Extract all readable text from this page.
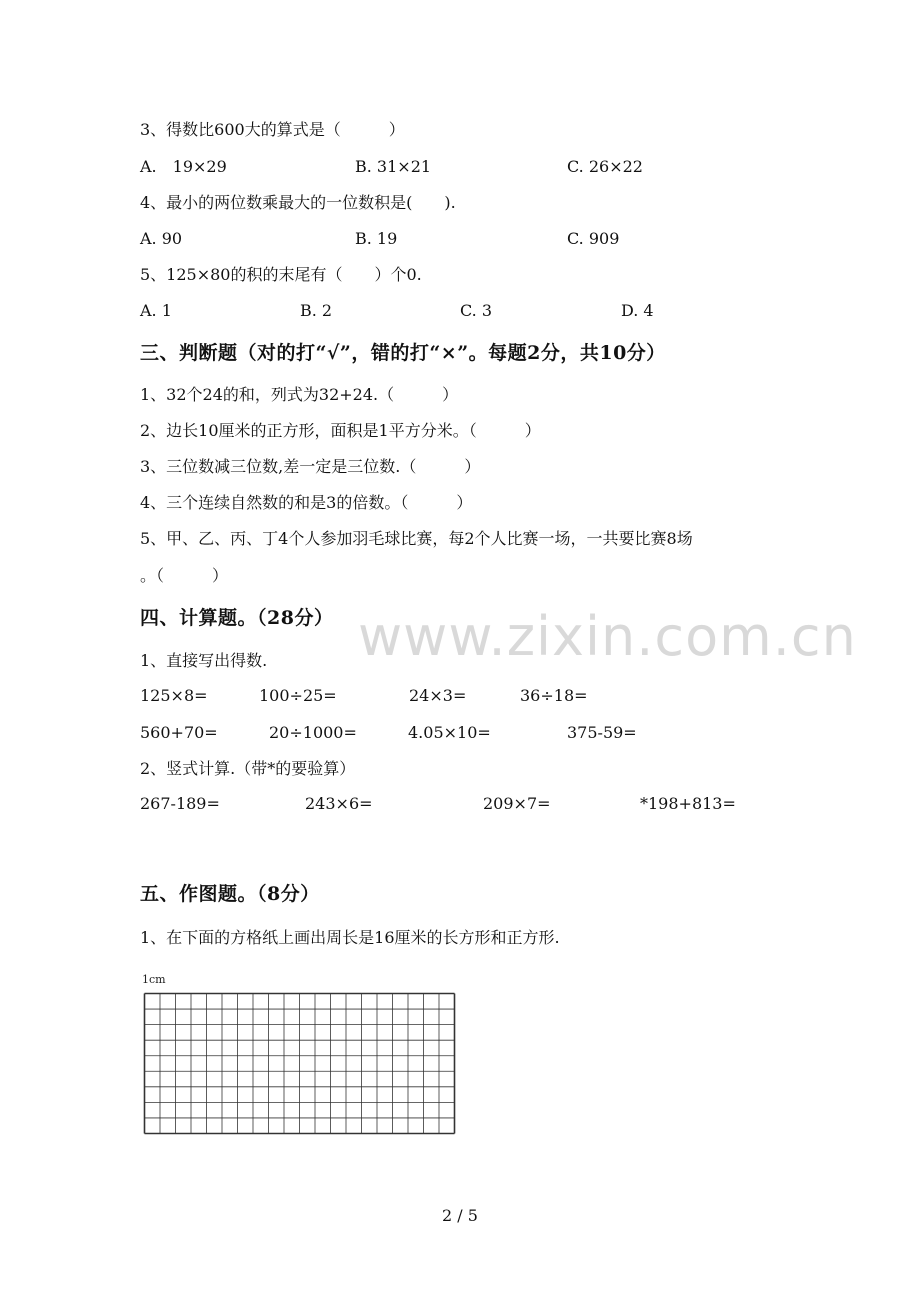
www.zixin.com.cn
3、得数比600大的算式是（　　　）
A.　19×29	B. 31×21	C. 26×22
4、最小的两位数乘最大的一位数积是(　　).
A. 90	B. 19	C. 909
5、125×80的积的末尾有（　　）个0.
A. 1	B. 2	C. 3	D. 4
三、判断题（对的打“√”，错的打“×”。每题2分，共10分）
1、32个24的和，列式为32+24.（　　　）
2、边长10厘米的正方形，面积是1平方分米。（　　　）
3、三位数减三位数,差一定是三位数.（　　　）
4、三个连续自然数的和是3的倍数。（　　　）
5、甲、乙、丙、丁4个人参加羽毛球比赛，每2个人比赛一场，一共要比赛8场
。（　　　）
四、计算题。（28分）
1、直接写出得数.
125×8=	100÷25=	24×3=	36÷18=
560+70=	20÷1000=	4.05×10=	375-59=
2、竖式计算.（带*的要验算）
267-189=	243×6=	209×7=	*198+813=
五、作图题。（8分）
1、在下面的方格纸上画出周长是16厘米的长方形和正方形.
1cm
2 / 5
